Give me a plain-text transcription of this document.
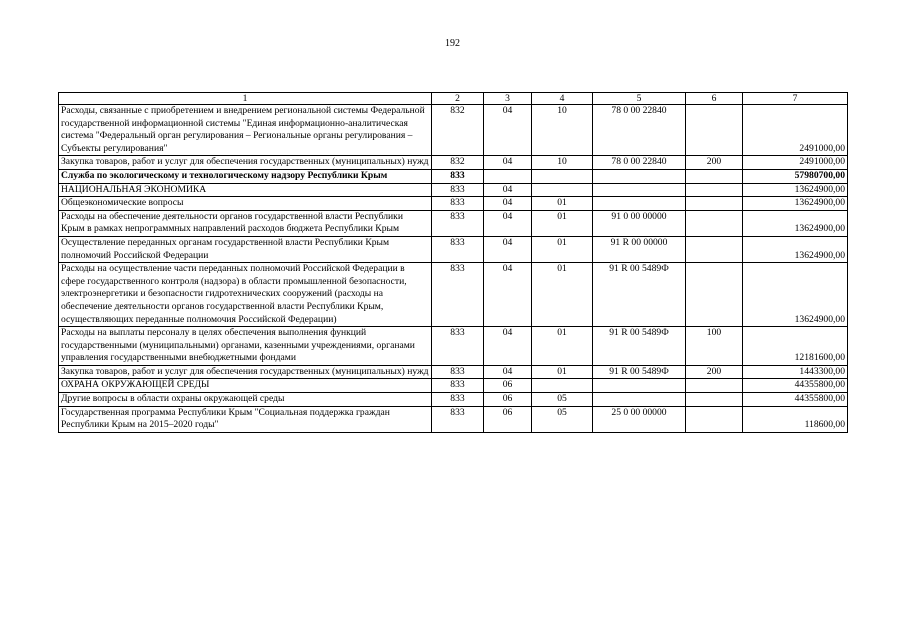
192
1	2	3	4	5	6	7
Расходы, связанные с приобретением и внедрением региональной системы Федеральной государственной информационной системы "Единая информационно-аналитическая система "Федеральный орган регулирования – Региональные органы регулирования – Субъекты регулирования"	832	04	10	78 0 00 22840		2491000,00
Закупка товаров, работ и услуг для обеспечения государственных (муниципальных) нужд	832	04	10	78 0 00 22840	200	2491000,00
Служба по экологическому и технологическому надзору Республики Крым	833					57980700,00
НАЦИОНАЛЬНАЯ ЭКОНОМИКА	833	04				13624900,00
Общеэкономические вопросы	833	04	01			13624900,00
Расходы на обеспечение деятельности органов государственной власти Республики Крым в рамках непрограммных направлений расходов бюджета Республики Крым	833	04	01	91 0 00 00000		13624900,00
Осуществление переданных органам государственной власти Республики Крым полномочий Российской Федерации	833	04	01	91 R 00 00000		13624900,00
Расходы на осуществление части переданных полномочий Российской Федерации в сфере государственного контроля (надзора) в области промышленной безопасности, электроэнергетики и безопасности гидротехнических сооружений (расходы на обеспечение деятельности органов государственной власти Республики Крым, осуществляющих переданные полномочия Российской Федерации)	833	04	01	91 R 00 5489Ф		13624900,00
Расходы на выплаты персоналу в целях обеспечения выполнения функций государственными (муниципальными) органами, казенными учреждениями, органами управления государственными внебюджетными фондами	833	04	01	91 R 00 5489Ф	100	12181600,00
Закупка товаров, работ и услуг для обеспечения государственных (муниципальных) нужд	833	04	01	91 R 00 5489Ф	200	1443300,00
ОХРАНА ОКРУЖАЮЩЕЙ СРЕДЫ	833	06				44355800,00
Другие вопросы в области охраны окружающей среды	833	06	05			44355800,00
Государственная программа Республики Крым "Социальная поддержка граждан Республики Крым на 2015–2020 годы"	833	06	05	25 0 00 00000		118600,00
